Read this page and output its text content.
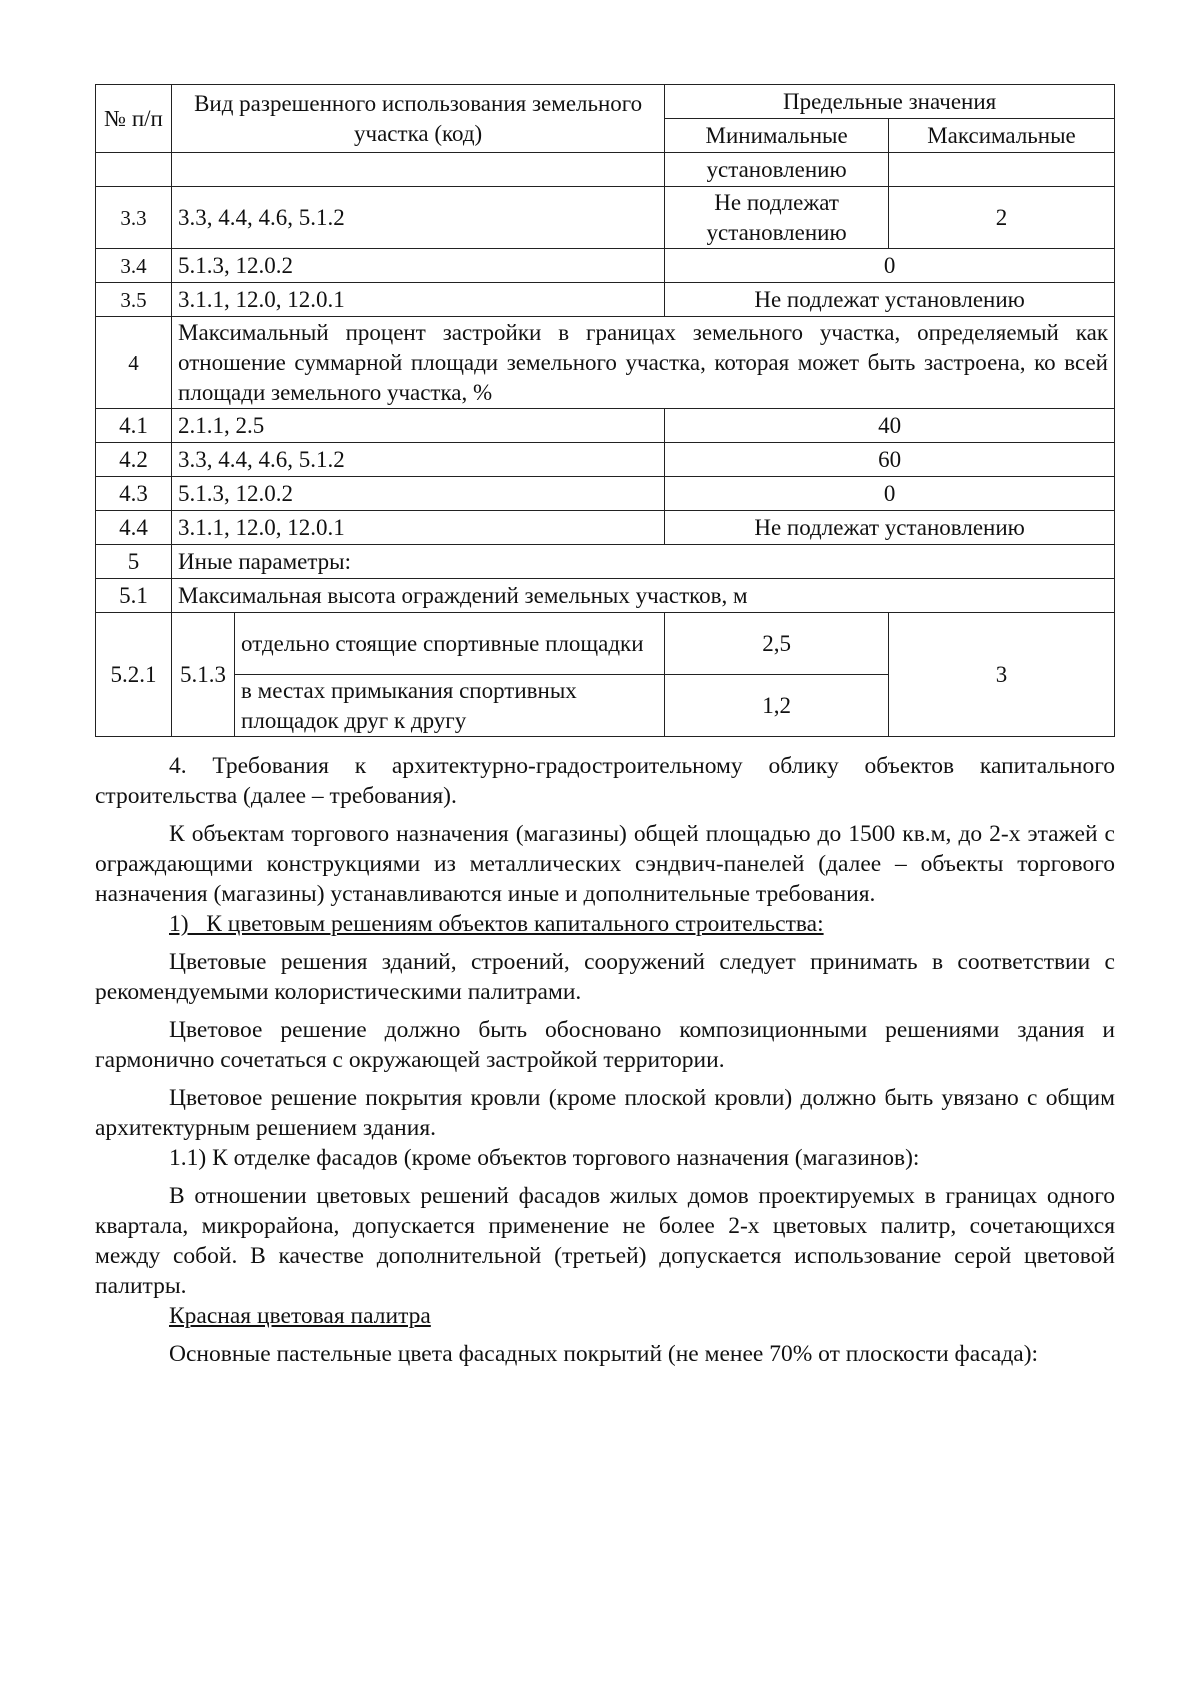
№ п/п	Вид разрешенного использования земельного участка (код)		Предельные значения	
			Минимальные	Максимальные
			установлению	
3.3	3.3, 4.4, 4.6, 5.1.2		Не подлежат установлению	2
3.4	5.1.3, 12.0.2		0	
3.5	3.1.1, 12.0, 12.0.1		Не подлежат установлению	
4	Максимальный процент застройки в границах земельного участка, определяемый как отношение суммарной площади земельного участка, которая может быть застроена, ко всей площади земельного участка, %			
4.1	2.1.1, 2.5		40	
4.2	3.3, 4.4, 4.6, 5.1.2		60	
4.3	5.1.3, 12.0.2		0	
4.4	3.1.1, 12.0, 12.0.1		Не подлежат установлению	
5	Иные параметры:			
5.1	Максимальная высота ограждений земельных участков, м			
5.2.1	5.1.3	отдельно стоящие спортивные площадки	2,5	3
		в местах примыкания спортивных площадок друг к другу	1,2	

4. Требования к архитектурно-градостроительному облику объектов капитального строительства (далее – требования).

К объектам торгового назначения (магазины) общей площадью до 1500 кв.м, до 2-х этажей с ограждающими конструкциями из металлических сэндвич-панелей (далее – объекты торгового назначения (магазины) устанавливаются иные и дополнительные требования.

1)   К цветовым решениям объектов капитального строительства:

Цветовые решения зданий, строений, сооружений следует принимать в соответствии с рекомендуемыми колористическими палитрами.

Цветовое решение должно быть обосновано композиционными решениями здания и гармонично сочетаться с окружающей застройкой территории.

Цветовое решение покрытия кровли (кроме плоской кровли) должно быть увязано с общим архитектурным решением здания.

1.1) К отделке фасадов (кроме объектов торгового назначения (магазинов):

В отношении цветовых решений фасадов жилых домов проектируемых в границах одного квартала, микрорайона, допускается применение не более 2-х цветовых палитр, сочетающихся между собой. В качестве дополнительной (третьей) допускается использование серой цветовой палитры.

Красная цветовая палитра

Основные пастельные цвета фасадных покрытий (не менее 70% от плоскости фасада):
